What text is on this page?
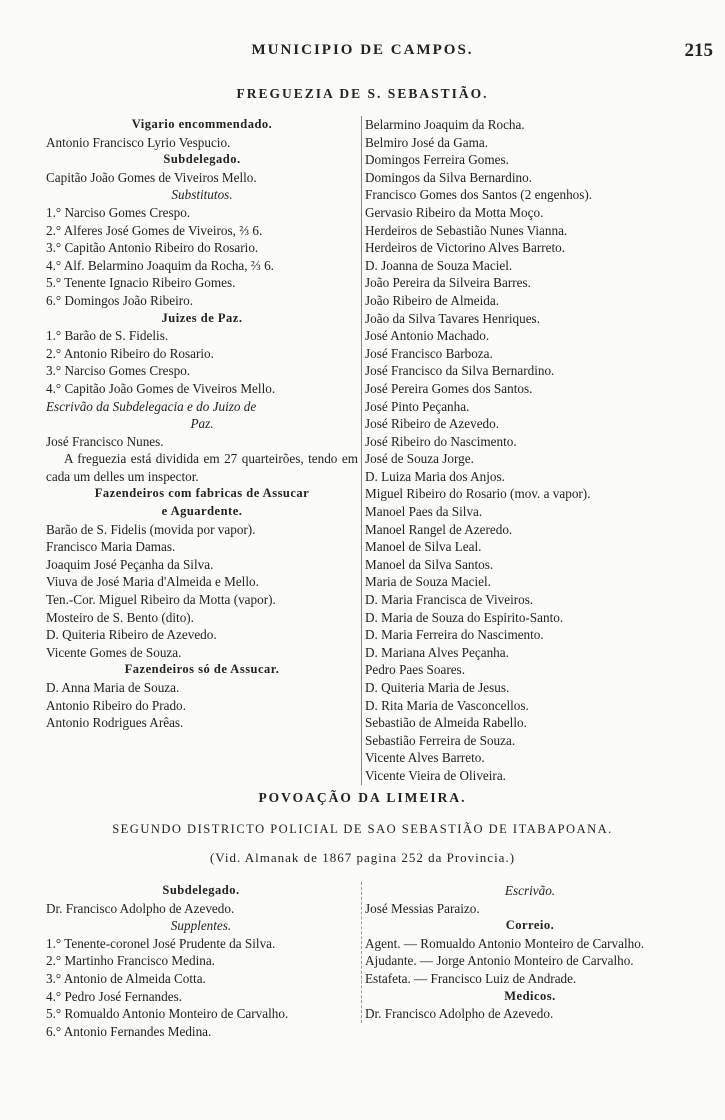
MUNICIPIO DE CAMPOS.	215
FREGUEZIA DE S. SEBASTIÃO.
Vigario encommendado.
Antonio Francisco Lyrio Vespucio.
Subdelegado.
Capitão João Gomes de Viveiros Mello.
Substitutos.
1.° Narciso Gomes Crespo.
2.° Alferes José Gomes de Viveiros, ⅔ 6.
3.° Capitão Antonio Ribeiro do Rosario.
4.° Alf. Belarmino Joaquim da Rocha, ⅔ 6.
5.° Tenente Ignacio Ribeiro Gomes.
6.° Domingos João Ribeiro.
Juizes de Paz.
1.° Barão de S. Fidelis.
2.° Antonio Ribeiro do Rosario.
3.° Narciso Gomes Crespo.
4.° Capitão João Gomes de Viveiros Mello.
Escrivão da Subdelegacia e do Juizo de
Paz.
José Francisco Nunes.
A freguezia está dividida em 27 quarteirões, tendo em cada um delles um inspector.
Fazendeiros com fabricas de Assucar
e Aguardente.
Barão de S. Fidelis (movida por vapor).
Francisco Maria Damas.
Joaquim José Peçanha da Silva.
Viuva de José Maria d'Almeida e Mello.
Ten.-Cor. Miguel Ribeiro da Motta (vapor).
Mosteiro de S. Bento (dito).
D. Quiteria Ribeiro de Azevedo.
Vicente Gomes de Souza.
Fazendeiros só de Assucar.
D. Anna Maria de Souza.
Antonio Ribeiro do Prado.
Antonio Rodrigues Arêas.
Belarmino Joaquim da Rocha.
Belmiro José da Gama.
Domingos Ferreira Gomes.
Domingos da Silva Bernardino.
Francisco Gomes dos Santos (2 engenhos).
Gervasio Ribeiro da Motta Moço.
Herdeiros de Sebastião Nunes Vianna.
Herdeiros de Victorino Alves Barreto.
D. Joanna de Souza Maciel.
João Pereira da Silveira Barres.
João Ribeiro de Almeida.
João da Silva Tavares Henriques.
José Antonio Machado.
José Francisco Barboza.
José Francisco da Silva Bernardino.
José Pereira Gomes dos Santos.
José Pinto Peçanha.
José Ribeiro de Azevedo.
José Ribeiro do Nascimento.
José de Souza Jorge.
D. Luiza Maria dos Anjos.
Miguel Ribeiro do Rosario (mov. a vapor).
Manoel Paes da Silva.
Manoel Rangel de Azeredo.
Manoel de Silva Leal.
Manoel da Silva Santos.
Maria de Souza Maciel.
D. Maria Francisca de Viveiros.
D. Maria de Souza do Espirito-Santo.
D. Maria Ferreira do Nascimento.
D. Mariana Alves Peçanha.
Pedro Paes Soares.
D. Quiteria Maria de Jesus.
D. Rita Maria de Vasconcellos.
Sebastião de Almeida Rabello.
Sebastião Ferreira de Souza.
Vicente Alves Barreto.
Vicente Vieira de Oliveira.
POVOAÇÃO DA LIMEIRA.
SEGUNDO DISTRICTO POLICIAL DE SAO SEBASTIÃO DE ITABAPOANA.
(Vid. Almanak de 1867 pagina 252 da Provincia.)
Subdelegado.
Dr. Francisco Adolpho de Azevedo.
Supplentes.
1.° Tenente-coronel José Prudente da Silva.
2.° Martinho Francisco Medina.
3.° Antonio de Almeida Cotta.
4.° Pedro José Fernandes.
5.° Romualdo Antonio Monteiro de Carvalho.
6.° Antonio Fernandes Medina.
Escrivão.
José Messias Paraizo.
Correio.
Agent. — Romualdo Antonio Monteiro de Carvalho.
Ajudante. — Jorge Antonio Monteiro de Carvalho.
Estafeta. — Francisco Luiz de Andrade.
Medicos.
Dr. Francisco Adolpho de Azevedo.
